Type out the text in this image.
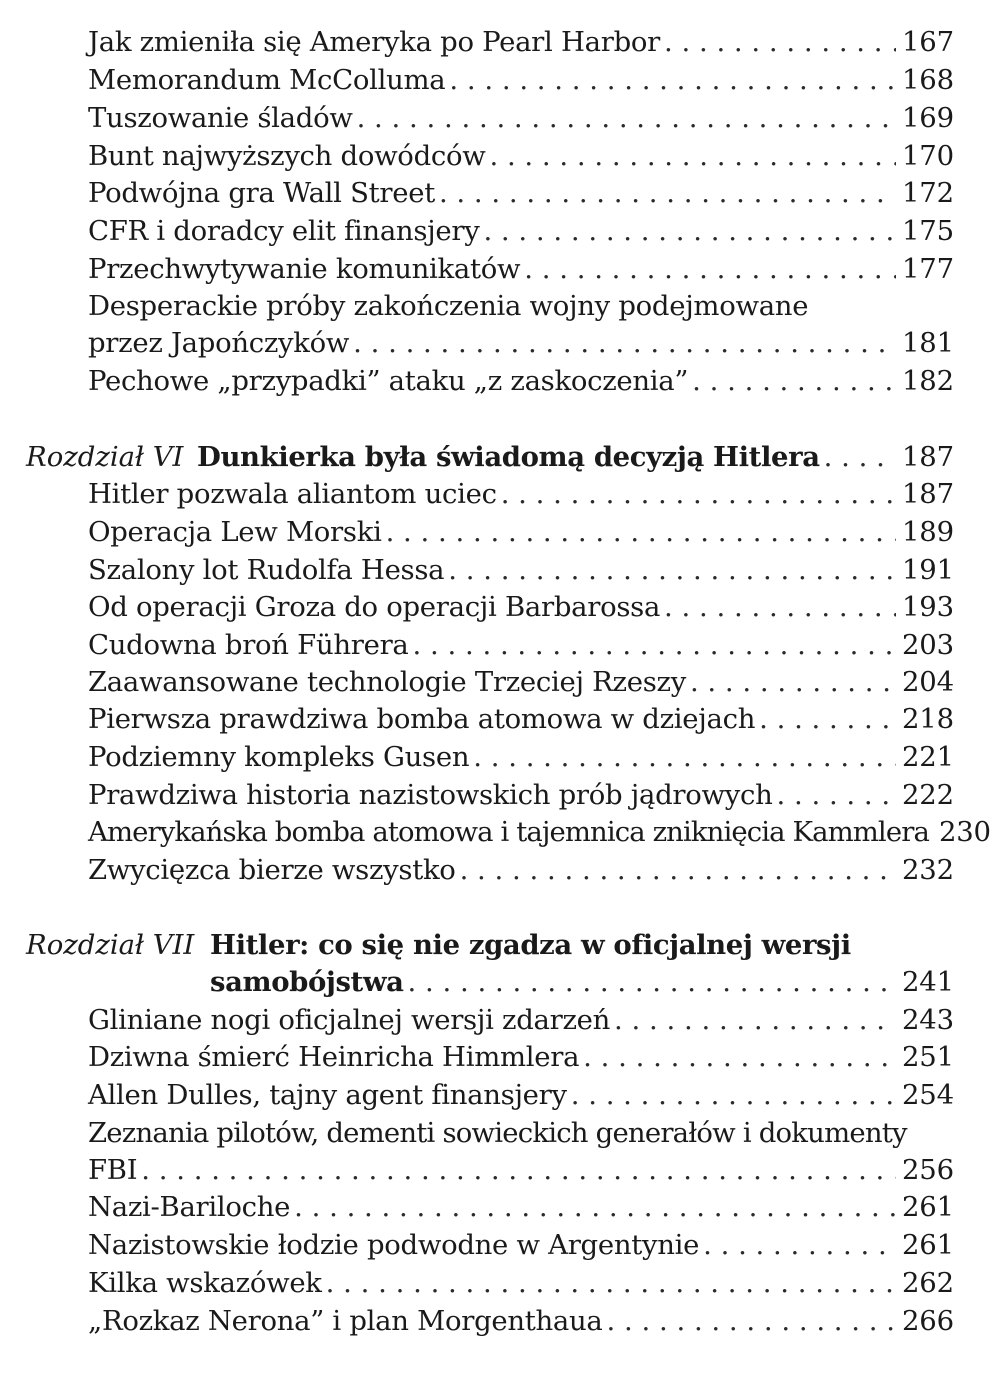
Jak zmieniła się Ameryka po Pearl Harbor . . .	167
Memorandum McColluma . . .	168
Tuszowanie śladów . . .	169
Bunt najwyższych dowódców . . .	170
Podwójna gra Wall Street . . .	172
CFR i doradcy elit finansjery . . .	175
Przechwytywanie komunikatów . . .	177
Desperackie próby zakończenia wojny podejmowane
przez Japończyków . . .	181
Pechowe „przypadki” ataku „z zaskoczenia” . . .	182
Rozdział VI Dunkierka była świadomą decyzją Hitlera . . .	187
Hitler pozwala aliantom uciec . . .	187
Operacja Lew Morski . . .	189
Szalony lot Rudolfa Hessa . . .	191
Od operacji Groza do operacji Barbarossa . . .	193
Cudowna broń Führera . . .	203
Zaawansowane technologie Trzeciej Rzeszy . . .	204
Pierwsza prawdziwa bomba atomowa w dziejach . . .	218
Podziemny kompleks Gusen . . .	221
Prawdziwa historia nazistowskich prób jądrowych . . .	222
Amerykańska bomba atomowa i tajemnica zniknięcia Kammlera 230
Zwycięzca bierze wszystko . . .	232
Rozdział VII Hitler: co się nie zgadza w oficjalnej wersji
samobójstwa . . .	241
Gliniane nogi oficjalnej wersji zdarzeń . . .	243
Dziwna śmierć Heinricha Himmlera . . .	251
Allen Dulles, tajny agent finansjery . . .	254
Zeznania pilotów, dementi sowieckich generałów i dokumenty
FBI . . .	256
Nazi-Bariloche . . .	261
Nazistowskie łodzie podwodne w Argentynie . . .	261
Kilka wskazówek . . .	262
„Rozkaz Nerona” i plan Morgenthaua . . .	266
